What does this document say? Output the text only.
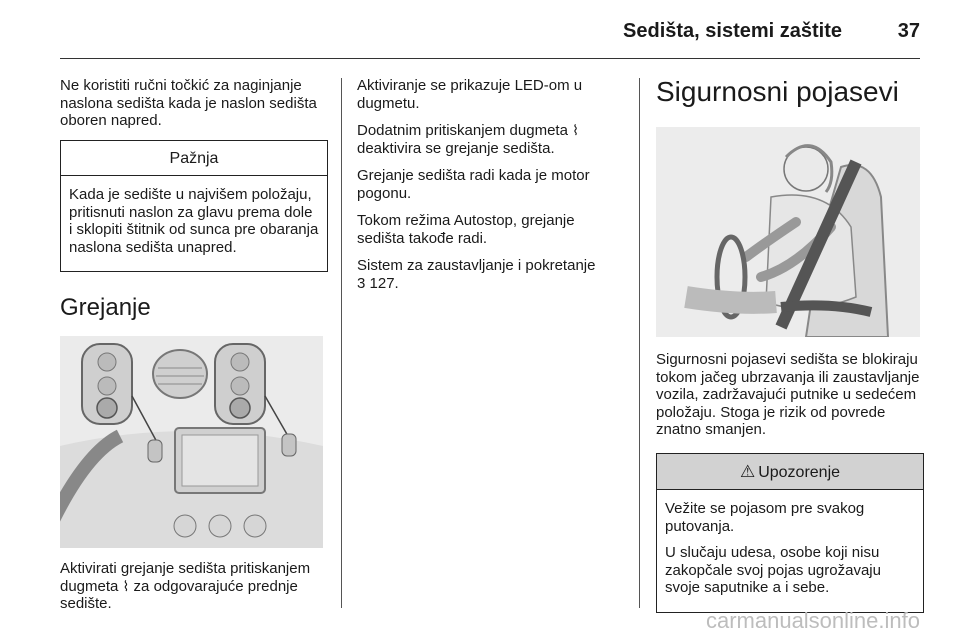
Sedišta, sistemi zaštite	37

Ne koristiti ručni točkić za naginjanje naslona sedišta kada je naslon sedišta oboren napred.

Pažnja

Kada je sedište u najvišem položaju, pritisnuti naslon za glavu prema dole i sklopiti štitnik od sunca pre obaranja naslona sedišta unapred.

Grejanje

Aktivirati grejanje sedišta pritiskanjem dugmeta ⌇ za odgovarajuće prednje sedište.

Aktiviranje se prikazuje LED-om u dugmetu.

Dodatnim pritiskanjem dugmeta ⌇ deaktivira se grejanje sedišta.

Grejanje sedišta radi kada je motor pogonu.

Tokom režima Autostop, grejanje sedišta takođe radi.

Sistem za zaustavljanje i pokretanje
3 127.

Sigurnosni pojasevi

Sigurnosni pojasevi sedišta se blokiraju tokom jačeg ubrzavanja ili zaustavljanje vozila, zadržavajući putnike u sedećem položaju. Stoga je rizik od povrede znatno smanjen.

⚠ Upozorenje

Vežite se pojasom pre svakog putovanja.

U slučaju udesa, osobe koji nisu zakopčale svoj pojas ugrožavaju svoje saputnike a i sebe.

carmanualsonline.info
